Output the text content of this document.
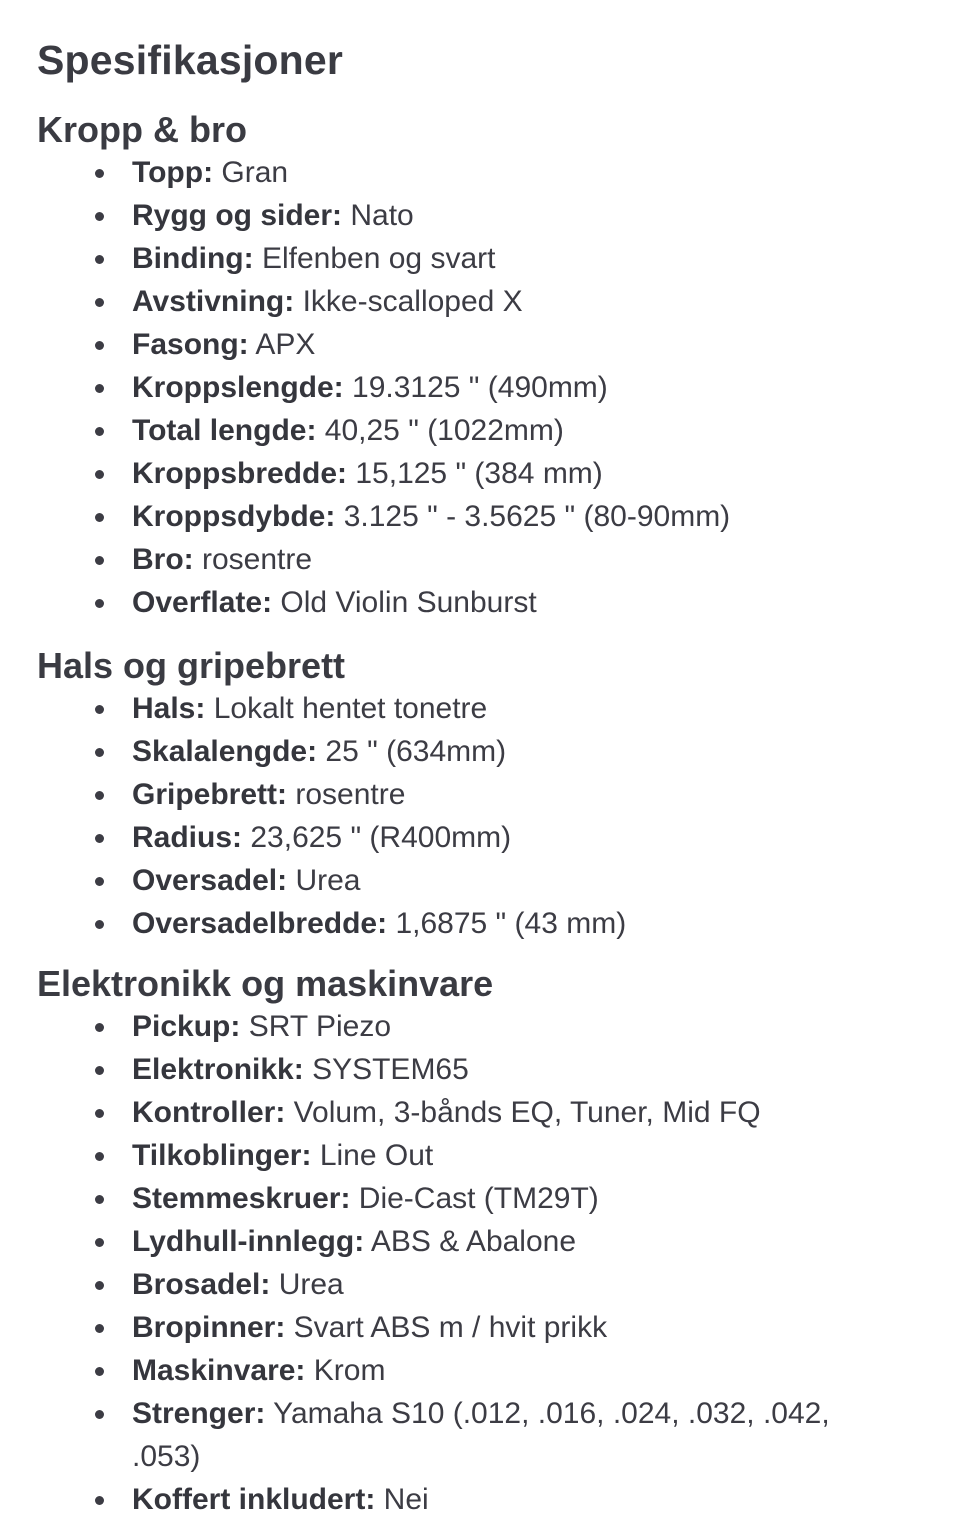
Spesifikasjoner
Kropp & bro
Topp: Gran
Rygg og sider: Nato
Binding: Elfenben og svart
Avstivning: Ikke-scalloped X
Fasong: APX
Kroppslengde: 19.3125 " (490mm)
Total lengde: 40,25 " (1022mm)
Kroppsbredde: 15,125 " (384 mm)
Kroppsdybde: 3.125 " - 3.5625 " (80-90mm)
Bro: rosentre
Overflate: Old Violin Sunburst
Hals og gripebrett
Hals: Lokalt hentet tonetre
Skalalengde: 25 " (634mm)
Gripebrett: rosentre
Radius: 23,625 " (R400mm)
Oversadel: Urea
Oversadelbredde: 1,6875 " (43 mm)
Elektronikk og maskinvare
Pickup: SRT Piezo
Elektronikk: SYSTEM65
Kontroller: Volum, 3-bånds EQ, Tuner, Mid FQ
Tilkoblinger: Line Out
Stemmeskruer: Die-Cast (TM29T)
Lydhull-innlegg: ABS & Abalone
Brosadel: Urea
Bropinner: Svart ABS m / hvit prikk
Maskinvare: Krom
Strenger: Yamaha S10 (.012, .016, .024, .032, .042, .053)
Koffert inkludert: Nei
